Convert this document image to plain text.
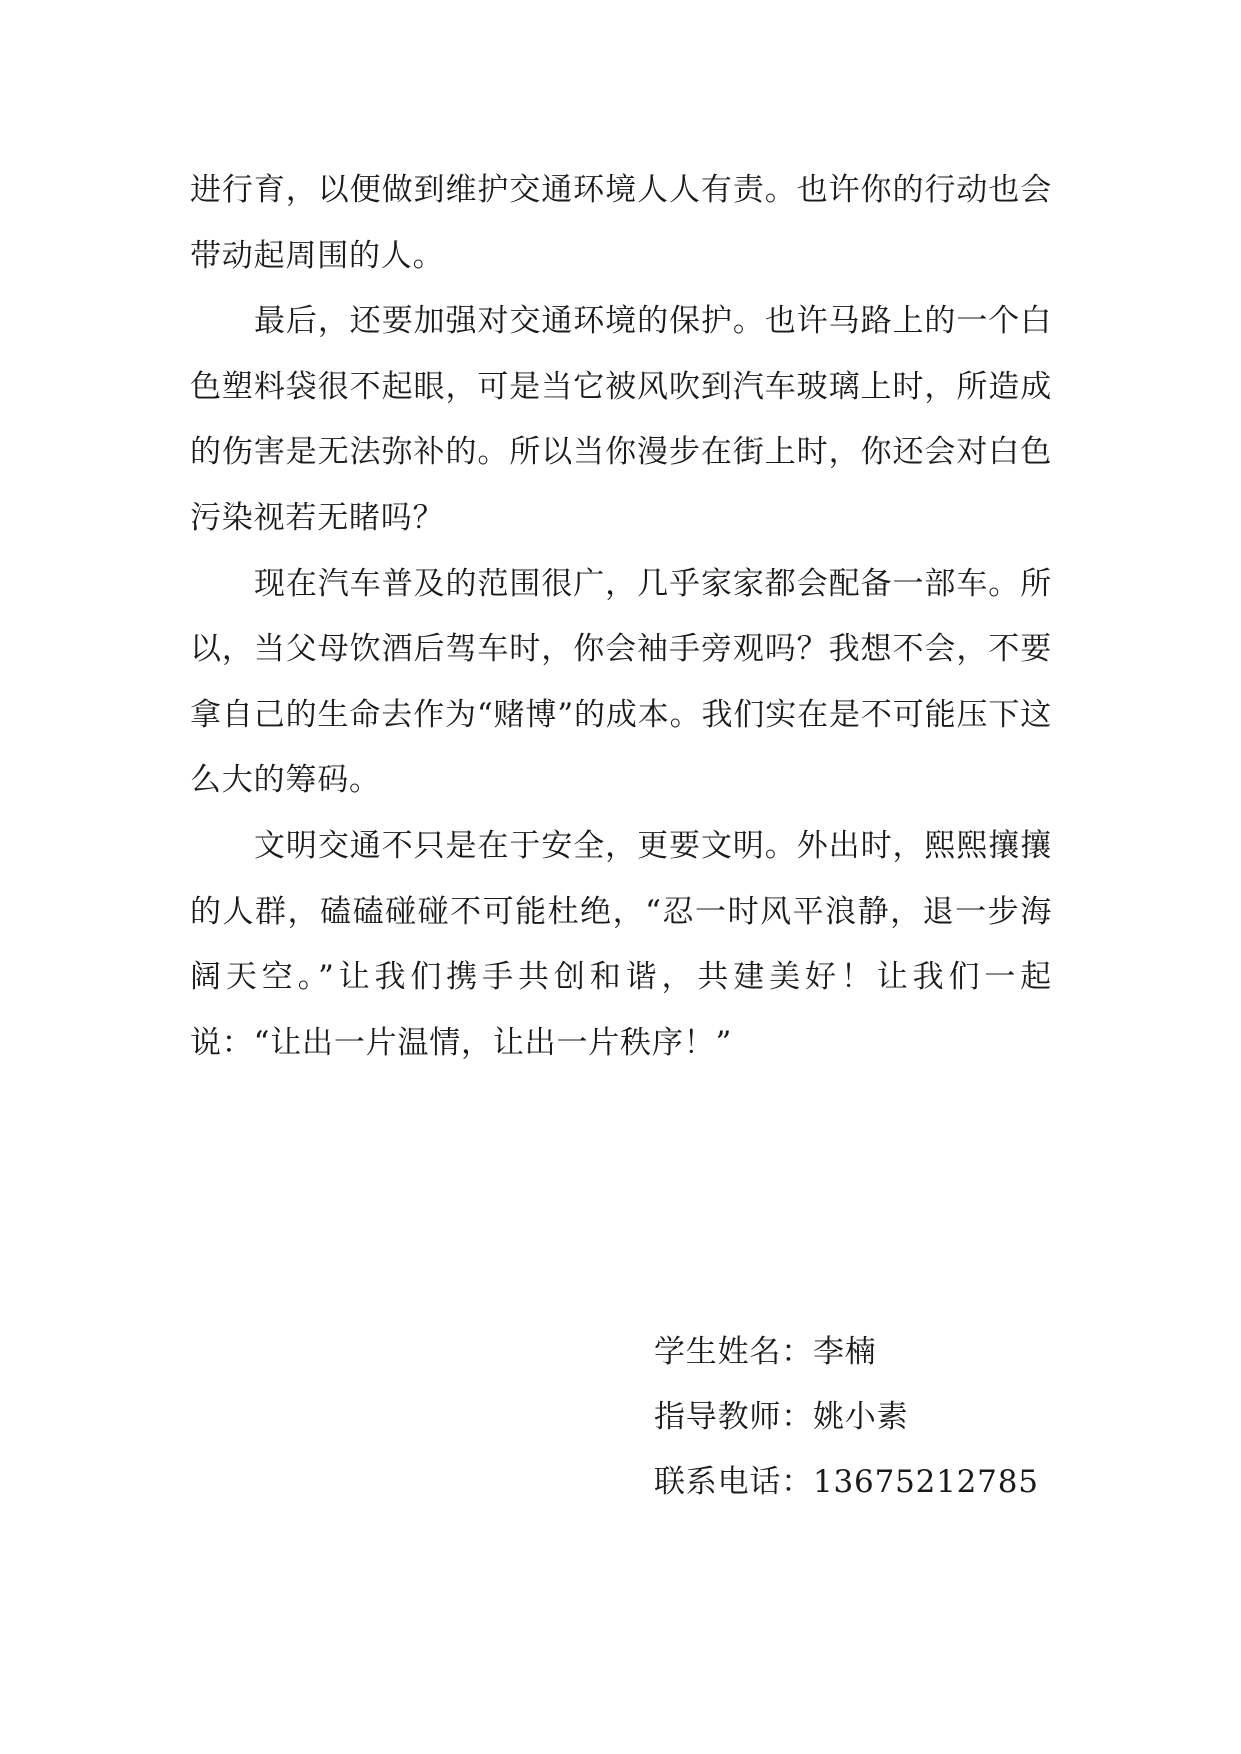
进行育，以便做到维护交通环境人人有责。也许你的行动也会带动起周围的人。

最后，还要加强对交通环境的保护。也许马路上的一个白色塑料袋很不起眼，可是当它被风吹到汽车玻璃上时，所造成的伤害是无法弥补的。所以当你漫步在街上时，你还会对白色污染视若无睹吗？

现在汽车普及的范围很广，几乎家家都会配备一部车。所以，当父母饮酒后驾车时，你会袖手旁观吗？我想不会，不要拿自己的生命去作为“赌博”的成本。我们实在是不可能压下这么大的筹码。

文明交通不只是在于安全，更要文明。外出时，熙熙攘攘的人群，磕磕碰碰不可能杜绝，“忍一时风平浪静，退一步海阔天空。”让我们携手共创和谐，共建美好！让我们一起说：“让出一片温情，让出一片秩序！”

学生姓名：李楠
指导教师：姚小素
联系电话：13675212785
